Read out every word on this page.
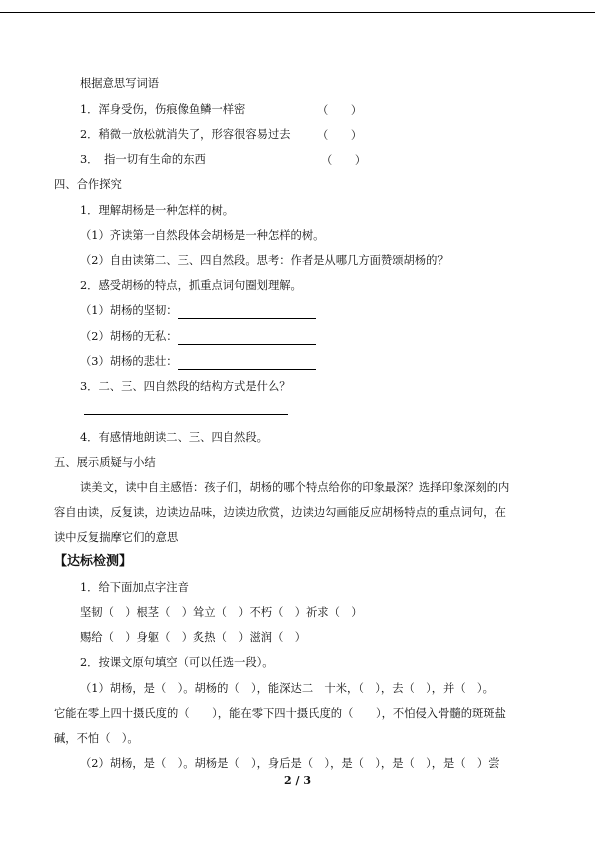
根据意思写词语
1．浑身受伤，伤痕像鱼鳞一样密	（　　）
2．稍微一放松就消失了，形容很容易过去 （　　）
3．　指一切有生命的东西	（　　）
四、合作探究
1．理解胡杨是一种怎样的树。
（1）齐读第一自然段体会胡杨是一种怎样的树。
（2）自由读第二、三、四自然段。思考：作者是从哪几方面赞颂胡杨的？
2．感受胡杨的特点，抓重点词句圈划理解。
（1）胡杨的坚韧：
（2）胡杨的无私：
（3）胡杨的悲壮：
3．二、三、四自然段的结构方式是什么？
4．有感情地朗读二、三、四自然段。
五、展示质疑与小结
读美文，读中自主感悟：孩子们，胡杨的哪个特点给你的印象最深？选择印象深刻的内
容自由读，反复读，边读边品味，边读边欣赏，边读边勾画能反应胡杨特点的重点词句，在
读中反复揣摩它们的意思
【达标检测】
1．给下面加点字注音
坚韧（　）根茎（　）耸立（　）不朽（　）祈求（　）
赐给（　）身躯（　）炙热（　）滋润（　）
2．按课文原句填空（可以任选一段）。
（1）胡杨，是（　）。胡杨的（　），能深达二　十米，（　），去（　），并（　）。
它能在零上四十摄氏度的（　　），能在零下四十摄氏度的（　　），不怕侵入骨髓的斑斑盐
碱，不怕（　）。
（2）胡杨，是（　）。胡杨是（　），身后是（　），是（　），是（　），是（　）尝
2 / 3
